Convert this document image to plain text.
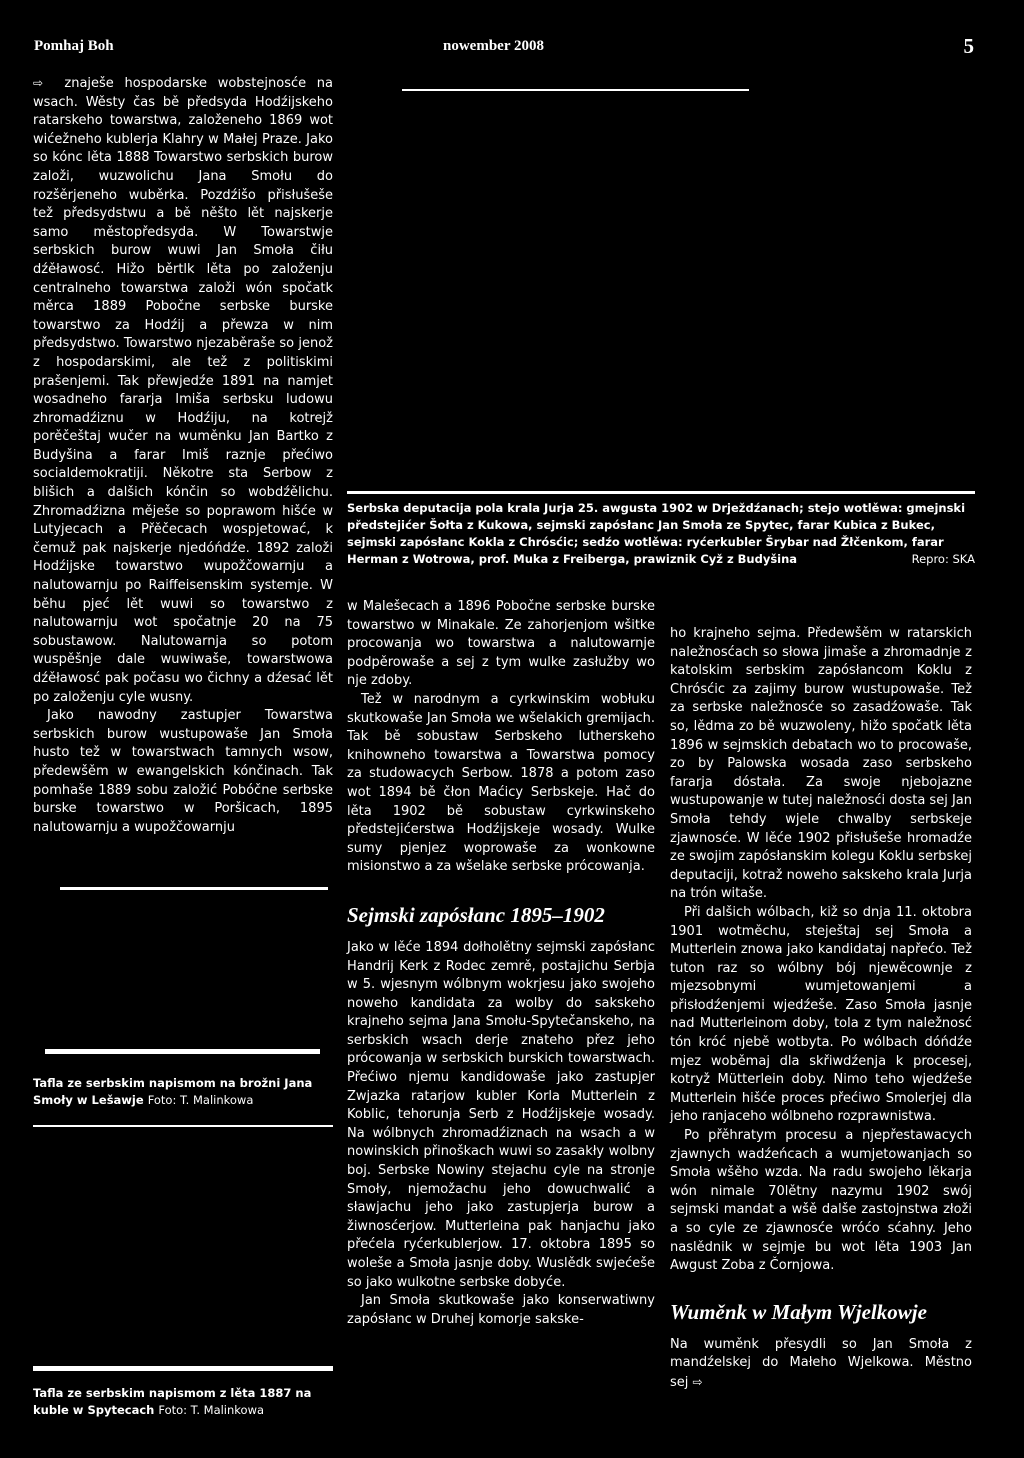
Pomhaj Boh	nowember 2008	5

⇨ znaješe hospodarske wobstejnosće na wsach. Wěsty čas bě předsyda Hodźijskeho ratarskeho towarstwa, založeneho 1869 wot wićežneho kublerja Klahry w Małej Praze. Jako so kónc lěta 1888 Towarstwo serbskich burow založi, wuzwolichu Jana Smołu do rozšěrjeneho wuběrka. Pozdźišo přisłušeše tež předsydstwu a bě něšto lět najskerje samo městopředsyda. W Towarstwje serbskich burow wuwi Jan Smoła čiłu dźěławosć. Hižo běrtlk lěta po založenju centralneho towarstwa založi wón spočatk měrca 1889 Pobočne serbske burske towarstwo za Hodźij a přewza w nim předsydstwo. Towarstwo njezaběraše so jenož z hospodarskimi, ale tež z politiskimi prašenjemi. Tak přewjedźe 1891 na namjet wosadneho fararja Imiša serbsku ludowu zhromadźiznu w Hodźiju, na kotrejž porěčeštaj wučer na wuměnku Jan Bartko z Budyšina a farar Imiš raznje přećiwo socialdemokratiji. Někotre sta Serbow z blišich a dalšich kónčin so wobdźělichu. Zhromadźizna měješe so poprawom hišće w Lutyjecach a Přěčecach wospjetować, k čemuž pak najskerje njedóńdźe. 1892 založi Hodźijske towarstwo wupožčowarnju a nalutowarnju po Raiffeisenskim systemje. W běhu pjeć lět wuwi so towarstwo z nalutowarnju wot spočatnje 20 na 75 sobustawow. Nalutowarnja so potom wuspěšnje dale wuwiwaše, towarstwowa dźěławosć pak počasu wo čichny a dźesać lět po založenju cyle wusny.

Jako nawodny zastupjer Towarstwa serbskich burow wustupowaše Jan Smoła husto tež w towarstwach tamnych wsow, předewšěm w ewangelskich kónčinach. Tak pomhaše 1889 sobu založić Pobóčne serbske burske towarstwo w Poršicach, 1895 nalutowarnju a wupožčowarnju

Serbska deputacija pola krala Jurja 25. awgusta 1902 w Drježdźanach; stejo wotlěwa: gmejnski předstejićer Šołta z Kukowa, sejmski zapósłanc Jan Smoła ze Spytec, farar Kubica z Bukec, sejmski zapósłanc Kokla z Chrósćic; sedźo wotlěwa: ryćerkubler Šrybar nad Žłčenkom, farar Herman z Wotrowa, prof. Muka z Freiberga, prawiznik Cyž z Budyšina	Repro: SKA
Tafla ze serbskim napismom na brožni Jana Smoły w Lešawje Foto: T. Malinkowa
Tafla ze serbskim napismom z lěta 1887 na kuble w Spytecach Foto: T. Malinkowa

w Malešecach a 1896 Pobočne serbske burske towarstwo w Minakale. Ze zahorjenjom wšitke procowanja wo towarstwa a nalutowarnje podpěrowaše a sej z tym wulke zasłužby wo nje zdoby.

Tež w narodnym a cyrkwinskim wobłuku skutkowaše Jan Smoła we wšelakich gremijach. Tak bě sobustaw Serbskeho lutherskeho knihowneho towarstwa a Towarstwa pomocy za studowacych Serbow. 1878 a potom zaso wot 1894 bě čłon Maćicy Serbskeje. Hač do lěta 1902 bě sobustaw cyrkwinskeho předstejićerstwa Hodźijskeje wosady. Wulke sumy pjenjez woprowaše za wonkowne misionstwo a za wšelake serbske prócowanja.

Sejmski zapósłanc 1895–1902

Jako w lěće 1894 dołholětny sejmski zapósłanc Handrij Kerk z Rodec zemrě, postajichu Serbja w 5. wjesnym wólbnym wokrjesu jako swojeho noweho kandidata za wolby do sakskeho krajneho sejma Jana Smołu-Spytečanskeho, na serbskich wsach derje znateho přez jeho prócowanja w serbskich burskich towarstwach. Přećiwo njemu kandidowaše jako zastupjer Zwjazka ratarjow kubler Korla Mutterlein z Koblic, tehorunja Serb z Hodźijskeje wosady. Na wólbnych zhromadźiznach na wsach a w nowinskich přinoškach wuwi so zasakły wolbny boj. Serbske Nowiny stejachu cyle na stronje Smoły, njemožachu jeho dowuchwalić a sławjachu jeho jako zastupjerja burow a žiwnosćerjow. Mutterleina pak hanjachu jako přećela ryćerkublerjow. 17. oktobra 1895 so woleše a Smoła jasnje doby. Wuslědk swjećeše so jako wulkotne serbske dobyće.

Jan Smoła skutkowaše jako konserwatiwny zapósłanc w Druhej komorje sakske-

ho krajneho sejma. Předewšěm w ratarskich naležnosćach so słowa jimaše a zhromadnje z katolskim serbskim zapósłancom Koklu z Chrósćic za zajimy burow wustupowaše. Tež za serbske naležnosće so zasadźowaše. Tak so, lědma zo bě wuzwoleny, hižo spočatk lěta 1896 w sejmskich debatach wo to procowaše, zo by Palowska wosada zaso serbskeho fararja dóstała. Za swoje njebojazne wustupowanje w tutej naležnosći dosta sej Jan Smoła tehdy wjele chwalby serbskeje zjawnosće. W lěće 1902 přisłušeše hromadźe ze swojim zapósłanskim kolegu Koklu serbskej deputaciji, kotraž noweho sakskeho krala Jurja na trón witaše.

Při dalšich wólbach, kiž so dnja 11. oktobra 1901 wotměchu, steještaj sej Smoła a Mutterlein znowa jako kandidataj napřećo. Tež tuton raz so wólbny bój njewěcownje z mjezsobnymi wumjetowanjemi a přisłodźenjemi wjedźeše. Zaso Smoła jasnje nad Mutterleinom doby, tola z tym naležnosć tón króć njebě wotbyta. Po wólbach dóńdźe mjez woběmaj dla skřiwdźenja k procesej, kotryž Mütterlein doby. Nimo teho wjedźeše Mutterlein hišće proces přećiwo Smolerjej dla jeho ranjaceho wólbneho rozprawnistwa.

Po přěhratym procesu a njepřestawacych zjawnych wadźeńcach a wumjetowanjach so Smoła wšěho wzda. Na radu swojeho lěkarja wón nimale 70lětny nazymu 1902 swój sejmski mandat a wšě dalše zastojnstwa złoži a so cyle ze zjawnosće wróćo sćahny. Jeho naslědnik w sejmje bu wot lěta 1903 Jan Awgust Zoba z Čornjowa.

Wuměnk w Małym Wjelkowje

Na wuměnk přesydli so Jan Smoła z mandźelskej do Małeho Wjelkowa. Městno sej ⇨
